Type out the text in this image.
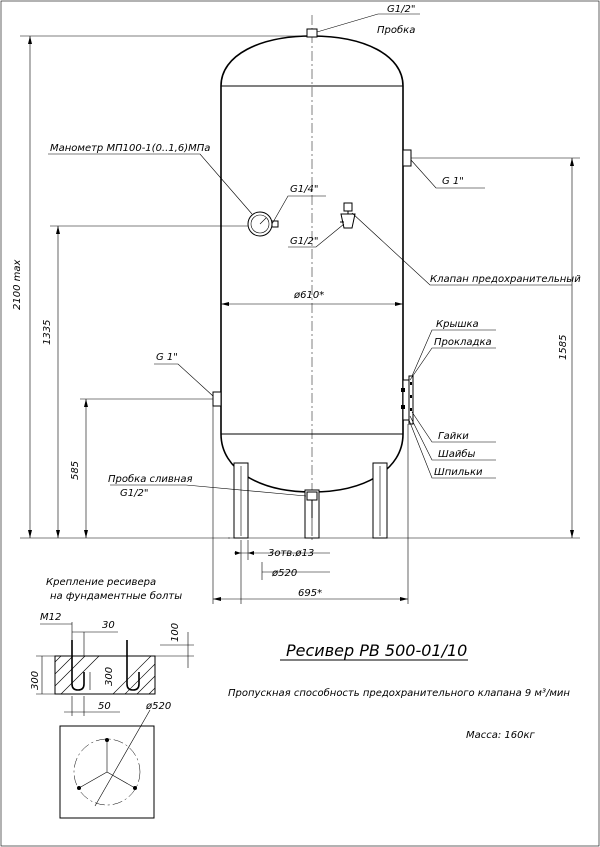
G1/2"
Пробка
Манометр МП100-1(0..1,6)МПа
G1/4"
G1/2"
Клапан предохранительный
G 1"
G 1"
Крышка
Прокладка
Гайки
Шайбы
Шпильки
Пробка сливная
G1/2"
2100 max
1335
585
1585
ø610*
3отв.ø13
ø520
695*
Крепление ресивера
на фундаментные болты
M12
30	100
300	300
50	ø520
Ресивер РВ 500-01/10
Пропускная способность предохранительного клапана 9 м³/мин
Масса: 160кг
